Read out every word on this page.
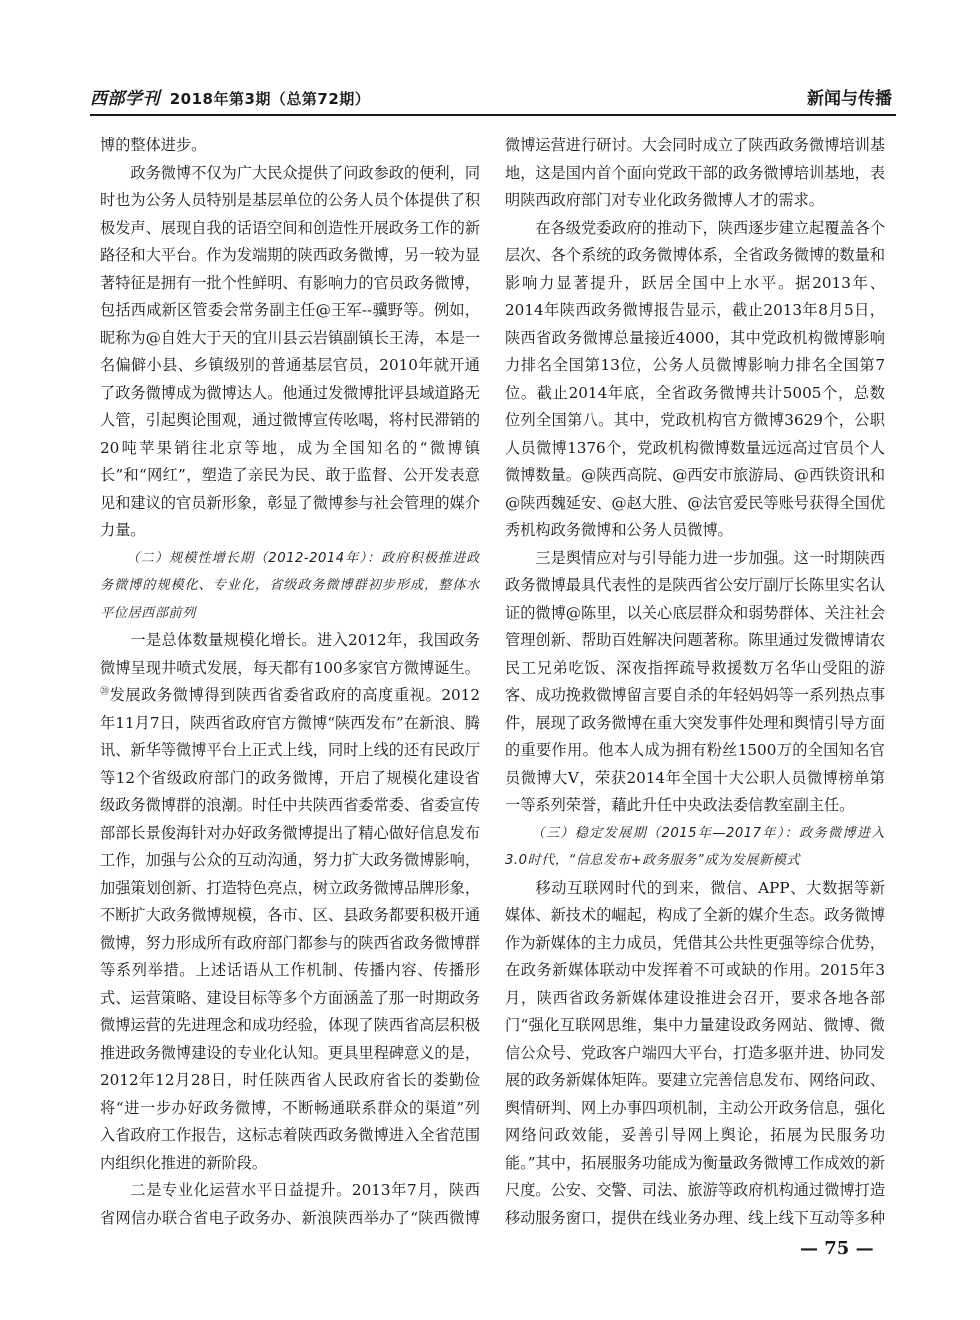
西部学刊 2018年第3期（总第72期）	新闻与传播

博的整体进步。

政务微博不仅为广大民众提供了问政参政的便利，同时也为公务人员特别是基层单位的公务人员个体提供了积极发声、展现自我的话语空间和创造性开展政务工作的新路径和大平台。作为发端期的陕西政务微博，另一较为显著特征是拥有一批个性鲜明、有影响力的官员政务微博，包括西咸新区管委会常务副主任@王军--骥野等。例如，昵称为@自姓大于天的宜川县云岩镇副镇长王涛，本是一名偏僻小县、乡镇级别的普通基层官员，2010年就开通了政务微博成为微博达人。他通过发微博批评县域道路无人管，引起舆论围观，通过微博宣传吆喝，将村民滞销的20吨苹果销往北京等地，成为全国知名的“微博镇长”和“网红”，塑造了亲民为民、敢于监督、公开发表意见和建议的官员新形象，彰显了微博参与社会管理的媒介力量。

（二）规模性增长期（2012-2014年）：政府积极推进政务微博的规模化、专业化，省级政务微博群初步形成，整体水平位居西部前列

一是总体数量规模化增长。进入2012年，我国政务微博呈现井喷式发展，每天都有100多家官方微博诞生。⑳发展政务微博得到陕西省委省政府的高度重视。2012年11月7日，陕西省政府官方微博“陕西发布”在新浪、腾讯、新华等微博平台上正式上线，同时上线的还有民政厅等12个省级政府部门的政务微博，开启了规模化建设省级政务微博群的浪潮。时任中共陕西省委常委、省委宣传部部长景俊海针对办好政务微博提出了精心做好信息发布工作，加强与公众的互动沟通，努力扩大政务微博影响，加强策划创新、打造特色亮点，树立政务微博品牌形象，不断扩大政务微博规模，各市、区、县政务都要积极开通微博，努力形成所有政府部门都参与的陕西省政务微博群等系列举措。上述话语从工作机制、传播内容、传播形式、运营策略、建设目标等多个方面涵盖了那一时期政务微博运营的先进理念和成功经验，体现了陕西省高层积极推进政务微博建设的专业化认知。更具里程碑意义的是，2012年12月28日，时任陕西省人民政府省长的娄勤俭将“进一步办好政务微博，不断畅通联系群众的渠道”列入省政府工作报告，这标志着陕西政务微博进入全省范围内组织化推进的新阶段。

二是专业化运营水平日益提升。2013年7月，陕西省网信办联合省电子政务办、新浪陕西举办了“陕西微博

微博运营进行研讨。大会同时成立了陕西政务微博培训基地，这是国内首个面向党政干部的政务微博培训基地，表明陕西政府部门对专业化政务微博人才的需求。

在各级党委政府的推动下，陕西逐步建立起覆盖各个层次、各个系统的政务微博体系，全省政务微博的数量和影响力显著提升，跃居全国中上水平。据2013年、2014年陕西政务微博报告显示，截止2013年8月5日，陕西省政务微博总量接近4000，其中党政机构微博影响力排名全国第13位，公务人员微博影响力排名全国第7位。截止2014年底，全省政务微博共计5005个，总数位列全国第八。其中，党政机构官方微博3629个，公职人员微博1376个，党政机构微博数量远远高过官员个人微博数量。@陕西高院、@西安市旅游局、@西铁资讯和@陕西魏延安、@赵大胜、@法官爱民等账号获得全国优秀机构政务微博和公务人员微博。

三是舆情应对与引导能力进一步加强。这一时期陕西政务微博最具代表性的是陕西省公安厅副厅长陈里实名认证的微博@陈里，以关心底层群众和弱势群体、关注社会管理创新、帮助百姓解决问题著称。陈里通过发微博请农民工兄弟吃饭、深夜指挥疏导救援数万名华山受阻的游客、成功挽救微博留言要自杀的年轻妈妈等一系列热点事件，展现了政务微博在重大突发事件处理和舆情引导方面的重要作用。他本人成为拥有粉丝1500万的全国知名官员微博大V，荣获2014年全国十大公职人员微博榜单第一等系列荣誉，藉此升任中央政法委信教室副主任。

（三）稳定发展期（2015年—2017年）：政务微博进入3.0时代，“信息发布+政务服务”成为发展新模式

移动互联网时代的到来，微信、APP、大数据等新媒体、新技术的崛起，构成了全新的媒介生态。政务微博作为新媒体的主力成员，凭借其公共性更强等综合优势，在政务新媒体联动中发挥着不可或缺的作用。2015年3月，陕西省政务新媒体建设推进会召开，要求各地各部门“强化互联网思维，集中力量建设政务网站、微博、微信公众号、党政客户端四大平台，打造多驱并进、协同发展的政务新媒体矩阵。要建立完善信息发布、网络问政、舆情研判、网上办事四项机制，主动公开政务信息，强化网络问政效能，妥善引导网上舆论，拓展为民服务功能。”其中，拓展服务功能成为衡量政务微博工作成效的新尺度。公安、交警、司法、旅游等政府机构通过微博打造移动服务窗口，提供在线业务办理、线上线下互动等多种

— 75 —
